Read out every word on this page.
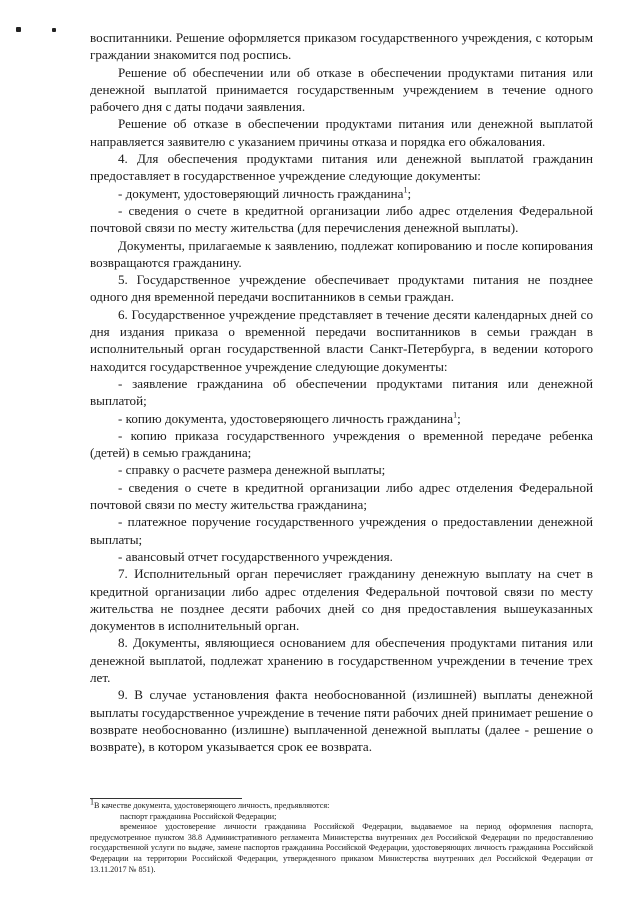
воспитанники. Решение оформляется приказом государственного учреждения, с которым граждании знакомится под роспись.

Решение об обеспечении или об отказе в обеспечении продуктами питания или денежной выплатой принимается государственным учреждением в течение одного рабочего дня с даты подачи заявления.

Решение об отказе в обеспечении продуктами питания или денежной выплатой направляется заявителю с указанием причины отказа и порядка его обжалования.

4. Для обеспечения продуктами питания или денежной выплатой гражданин предоставляет в государственное учреждение следующие документы:

- документ, удостоверяющий личность гражданина$^1$;

- сведения о счете в кредитной организации либо адрес отделения Федеральной почтовой связи по месту жительства (для перечисления денежной выплаты).

Документы, прилагаемые к заявлению, подлежат копированию и после копирования возвращаются гражданину.

5. Государственное учреждение обеспечивает продуктами питания не позднее одного дня временной передачи воспитанников в семьи граждан.

6. Государственное учреждение представляет в течение десяти календарных дней со дня издания приказа о временной передачи воспитанников в семьи граждан в исполнительный орган государственной власти Санкт-Петербурга, в ведении которого находится государственное учреждение следующие документы:

- заявление гражданина об обеспечении продуктами питания или денежной выплатой;

- копию документа, удостоверяющего личность гражданина$^1$;

- копию приказа государственного учреждения о временной передаче ребенка (детей) в семью гражданина;

- справку о расчете размера денежной выплаты;

- сведения о счете в кредитной организации либо адрес отделения Федеральной почтовой связи по месту жительства гражданина;

- платежное поручение государственного учреждения о предоставлении денежной выплаты;

- авансовый отчет государственного учреждения.

7. Исполнительный орган перечисляет гражданину денежную выплату на счет в кредитной организации либо адрес отделения Федеральной почтовой связи по месту жительства не позднее десяти рабочих дней со дня предоставления вышеуказанных документов в исполнительный орган.

8. Документы, являющиеся основанием для обеспечения продуктами питания или денежной выплатой, подлежат хранению в государственном учреждении в течение трех лет.

9. В случае установления факта необоснованной (излишней) выплаты денежной выплаты государственное учреждение в течение пяти рабочих дней принимает решение о возврате необоснованно (излишне) выплаченной денежной выплаты (далее - решение о возврате), в котором указывается срок ее возврата.

$^1$В качестве документа, удостоверяющего личность, предъявляются:

паспорт гражданина Российской Федерации;

временное удостоверение личности гражданина Российской Федерации, выдаваемое на период оформления паспорта, предусмотренное пунктом 38.8 Административного регламента Министерства внутренних дел Российской Федерации по предоставлению государственной услуги по выдаче, замене паспортов гражданина Российской Федерации, удостоверяющих личность гражданина Российской Федерации на территории Российской Федерации, утвержденного приказом Министерства внутренних дел Российской Федерации от 13.11.2017 № 851).
